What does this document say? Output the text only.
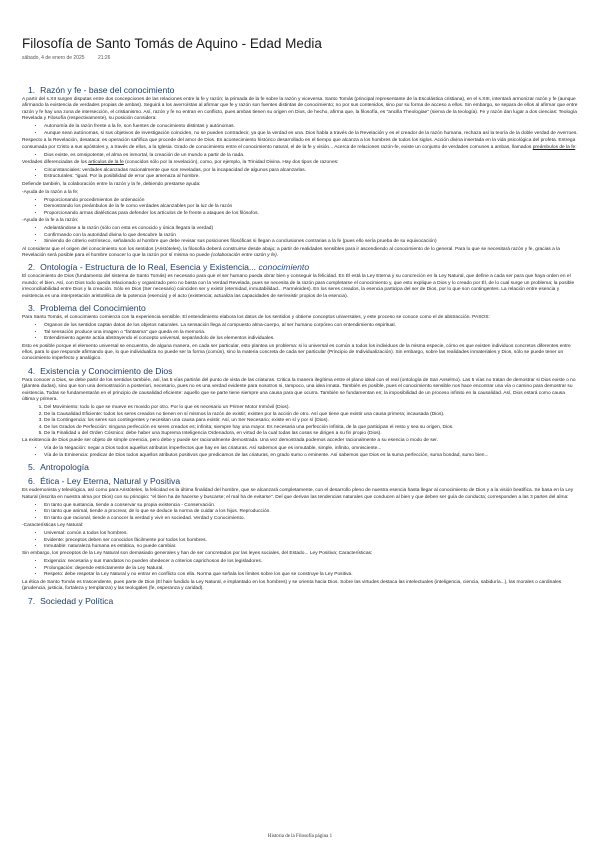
Filosofía de Santo Tomás de Aquino - Edad Media
sábado, 4 de enero de 2025	21:26
1. Razón y fe - base del conocimiento

A partir del s.XII surgen disputas entre dos concepciones de las relaciones entre la fe y razón; la primada de la fe sobre la razón y viceversa. Santo Tomás (principal representante de la Escolástica cristiana), en el s.XIII, intentará armonizar razón y fe (aunque afirmando la existencia de verdades propias de ambas). Seguirá a los averroístas al afirmar que fe y razón son fuentes distintas de conocimiento; no por sus contenidos, sino por su forma de acceso a ellos. Sin embargo, se separa de ellos al afirmar que entre razón y fe hay una zona de intersección, el cristianismo. Así, razón y fe no entran en conflicto, pues ambas tienen su origen en Dios, de hecho, afirma que, la filosofía, es "ancilla Theologiae" (sierva de la teología). Fe y razón dan lugar a dos ciencias: Teología Revelada y Filosofía (respectivamente), su posición considera:

• Autonomía de la razón frente a la fe, son fuentes de conocimiento distintas y autónomas.
• Aunque sean autónomas, si sus objetivos de investigación coinciden, no se pueden contradecir, ya que la verdad es una. Dios habla a través de la Revelación y es el creador de la razón humana, rechaza así la teoría de la doble verdad de Averroes.

Respecto a la Revelación, desataca: es operación sañífica que procede del amor de Dios. Es acontecimiento histórico desarrollado en el tiempo que alcanza a los hombres de todos los siglos. Acción divina insertada en la vida psicológica del profeta. Entrega consumada por Cristo a sus apóstoles y, a través de ellos, a la Iglesia. Grado de conocimiento entre el conocimiento natural, el de la fe y visión... Acerca de relaciones razón-fe, existe un conjunto de verdades comunes a ambas, llamados preámbulos de la fe:

• Dios existe, es omnipotente, el alma es inmortal, la creación de un mundo a partir de la nada.

Verdades diferenciadas de los artículos de la fe (conocidos sólo por la revelación), como, por ejemplo, la Trinidad Divina. Hay dos tipos de razones:

• Circunstanciales: verdades alcanzadas racionalmente que son reveladas, por la incapacidad de algunos para alcanzarlas.
• Estructurales: "igual. Por la posibilidad de error que amenaza al hombre.

Defiende también, la colaboración entre la razón y la fe, debiendo prestarse ayuda:

-Ayuda de la razón a la fe;

• Proporcionando procedimientos de ordenación
• Demostrando los preámbulos de la fe como verdades alcanzables por la luz de la razón
• Proporcionando armas dialécticas para defender los artículos de fe frente a ataques de los filósofos.

-Ayuda de la fe a la razón;

• Adelantándose a la razón (sólo con esta es conocido y única llegara la verdad)
• Confirmando con la autoridad divina lo que descubre la razón
• Sirviendo de criterio extrínseco, señalando al hombre que debe revisar sus posiciones filosóficas si llegan a conclusiones contrarias a la fe (pues ello sería prueba de su equivocación)

Al considerar que el origen del conocimiento son los sentidos (Aristóteles), la filosofía deberá construirse desde abajo; a partir de realidades sensibles para ir ascendiendo al conocimiento de lo general. Para lo que se necesitará razón y fe, gracias a la Revelación será posible para el hombre conocer lo que la razón por sí misma no puede (colaboración entre razón y fe).

2. Ontología - Estructura de lo Real, Esencia y Existencia... conocimiento

El conocimiento de Dios (fundamento del sistema de Santo Tomás) es necesario para que el ser humano pueda obrar bien y conseguir la felicidad. En Él está la Ley Eterna y su concreción en la Ley Natural, que define a cada ser para que haya orden en el mundo; el bien. Así, con Dios todo queda relacionado y organizado pero no basta con la Verdad Revelada, pues se necesita de la razón para completarse el conocimiento y, que esto explique a Dios y lo creado por Él, de lo cual surge un problema; la posible irreconciliabilidad entre Dios y la creación. Sólo en Dios (Ser necesario) coinciden ser y existir (eternidad, inmutabilidad... Parménides). En los seres creados, la esencia participa del ser de Dios, por lo que son contingentes. La relación entre esencia y existencia es una interpretación aristotélica de la potencia (esencia) y el acto (existencia; actualiza las capacidades de ser/existir propios de la esencia).

3. Problema del Conocimiento

Para Santo Tomás, el conocimiento comienza con la experiencia sensible. El entendimiento elabora los datos de los sentidos y obtiene conceptos universales, y este proceso se conoce como el de abstracción. PASOS:

• Órganos de los sentidos captan datos de los objetos naturales. La sensación llega al compuesto alma-cuerpo, al ser humano corpóreo con entendimiento espiritual.
• Tal sensación produce una imagen o "fantasma" que queda en la memoria.
• Entendimiento agente actúa abstrayendo el concepto universal, separándolo de los elementos individuales.

Esto es posible porque el elemento universal se encuentra, de alguna manera, en cada ser particular, esto plantea un problema: si lo universal es común a todos los individuos de la misma especie, cómo es que existen individuos concretos diferentes entre ellos, para lo que responde afirmando que, lo que individualiza no puede ser la forma (común), sino la materia concreta de cada ser particular (Principio de Individualización). Sin embargo, sobre las realidades inmateriales y Dios, sólo se puede tener un conocimiento imperfecto y analógico.

4. Existencia y Conocimiento de Dios

Para conocer a Dios, se debe partir de los sentidos también, así, las 5 vías partirán del punto de vista de las criaturas. Critica la manera ilegítima entre el plano ideal con el real (ontología de San Anselmo). Las 5 vías no tratan de demostrar si Dios existe o no (plantea dudas), sino que son una demostración a posteriori, necesario, pues no es una verdad evidente para nosotros ni, tampoco, una idea innata. También es posible, pues el conocimiento sensible nos hace encontrar una vía o camino para demostrar su existencia. Todas se fundamentarán en el principio de causalidad eficiente: aquello que se parte tiene siempre una causa para que ocurra. También se fundamentan en; la imposibilidad de un proceso infinito en la causalidad. Así, Dios estará como causa última y primera.

1. Del Movimiento: todo lo que se mueve es movido por otro. Por lo que es necesario un Primer Motor Inmóvil (Dios).
2. De la Causalidad Eficiente: todos los seres creados no tienen en sí mismos la razón de existir; existen por la acción de otro. Así que tiene que existir una causa primera; incausada (Dios).
3. De la Contingencia: los seres son contingentes y necesitan una causa para existir. Así, un Ser Necesario; existe en sí y por sí (Dios).
4. De los Grados de Perfección: ninguna perfección en seres creados es; infinita; siempre hay una mayor. Es necesaria una perfección infinita, de la que participan el resto y sea su origen, Dios.
5. De la Finalidad u del Orden Cósmico: debe haber una Suprema Inteligencia Ordenadora, en virtud de la cual todas las cosas se dirigen a su fin propio (Dios).

La existencia de Dios puede ser objeto de simple creencia, pero debe y puede ser racionalmente demostrada. Una vez demostrada podemos acceder racionalmente a su esencia o modo de ser.

• Vía de la Negación: negar a Dios todos aquellos atributos imperfectos que hay en las criaturas. Así sabemos que es inmutable, simple, infinito, omnisciente...
• Vía de la Eminencia: predicar de Dios todos aquellos atributos positivos que predicamos de las criaturas, en grado sumo o eminente. Así sabemos que Dios es la suma perfección, suma bondad, sumo bien...
5. Antropología
6. Ética - Ley Eterna, Natural y Positiva

Es eudemonista y teleológica, así como para Aristóteles, la felicidad es la última finalidad del hombre, que se alcanzará completamente, con el desarrollo pleno de nuestra esencia hasta llegar al conocimiento de Dios y a la visión beatífica. Se basa en la Ley Natural (inscrita en nuestra alma por Dios) con su principio: "el bien ha de hacerse y buscarse; el mal ha de evitarse". Del que derivan las tendencias naturales que conducen al bien y que deben ser guía de conducta; corresponden a las 3 partes del alma:

• En tanto que sustancia, tiende a conservar su propia existencia - Conservación.
• En tanto que animal, tiende a procrear, de lo que se deduce la norma de cuidar a los hijos. Reproducción.
• En tanto que racional, tiende a conocer la verdad y vivir en sociedad. Verdad y Conocimiento.

-Características Ley Natural:

• Universal: común a todos los hombres.
• Evidente: preceptos deben ser conocidos fácilmente por todos los hombres.
• Inmutable: naturaleza humana es estática, no puede cambiar.

Sin embargo, los preceptos de la Ley Natural son demasiado generales y han de ser concretados por las leyes sociales, del Estado... Ley Positiva; Características:

• Exigencia: necesaria y sus mandatos no pueden obedecer a criterios caprichosos de los legisladores.
• Prolongación: depende estrictamente de la Ley Natural.
• Respeto: debe respetar la Ley Natural y no entrar en conflicto con ella. Norma que señala los límites sobre los que se construye la Ley Positiva.

La ética de Santo Tomás es trascendente, pues parte de Dios (El hain fundido la Ley Natural, e implantado en los hombres) y se orienta hacia Dios. Sobre las virtudes destaca las intelectuales (inteligencia, ciencia, sabiduría...), las morales o cardinales (prudencia, justicia, fortaleza y templanza) y las teologales (fe, esperanza y caridad).

7. Sociedad y Política
Historia de la Filosofía página 1
